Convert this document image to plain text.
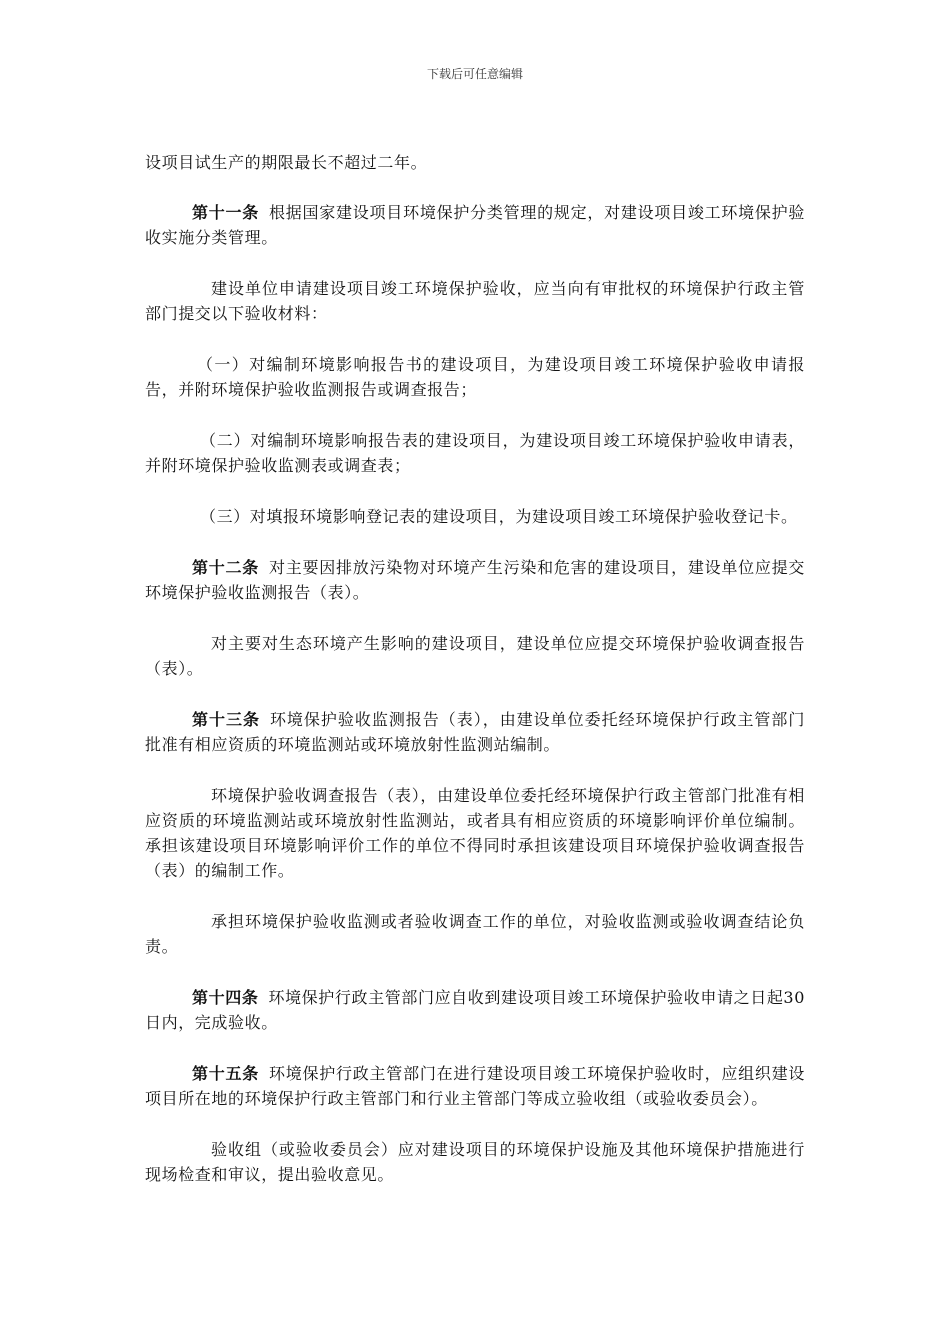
下载后可任意编辑

设项目试生产的期限最长不超过二年。

第十一条 根据国家建设项目环境保护分类管理的规定，对建设项目竣工环境保护验收实施分类管理。

建设单位申请建设项目竣工环境保护验收，应当向有审批权的环境保护行政主管部门提交以下验收材料：

（一）对编制环境影响报告书的建设项目，为建设项目竣工环境保护验收申请报告，并附环境保护验收监测报告或调查报告；

（二）对编制环境影响报告表的建设项目，为建设项目竣工环境保护验收申请表，并附环境保护验收监测表或调查表；

（三）对填报环境影响登记表的建设项目，为建设项目竣工环境保护验收登记卡。

第十二条 对主要因排放污染物对环境产生污染和危害的建设项目，建设单位应提交环境保护验收监测报告（表）。

对主要对生态环境产生影响的建设项目，建设单位应提交环境保护验收调查报告（表）。

第十三条 环境保护验收监测报告（表），由建设单位委托经环境保护行政主管部门批准有相应资质的环境监测站或环境放射性监测站编制。

环境保护验收调查报告（表），由建设单位委托经环境保护行政主管部门批准有相应资质的环境监测站或环境放射性监测站，或者具有相应资质的环境影响评价单位编制。承担该建设项目环境影响评价工作的单位不得同时承担该建设项目环境保护验收调查报告（表）的编制工作。

承担环境保护验收监测或者验收调查工作的单位，对验收监测或验收调查结论负责。

第十四条 环境保护行政主管部门应自收到建设项目竣工环境保护验收申请之日起30日内，完成验收。

第十五条 环境保护行政主管部门在进行建设项目竣工环境保护验收时，应组织建设项目所在地的环境保护行政主管部门和行业主管部门等成立验收组（或验收委员会）。

验收组（或验收委员会）应对建设项目的环境保护设施及其他环境保护措施进行现场检查和审议，提出验收意见。
